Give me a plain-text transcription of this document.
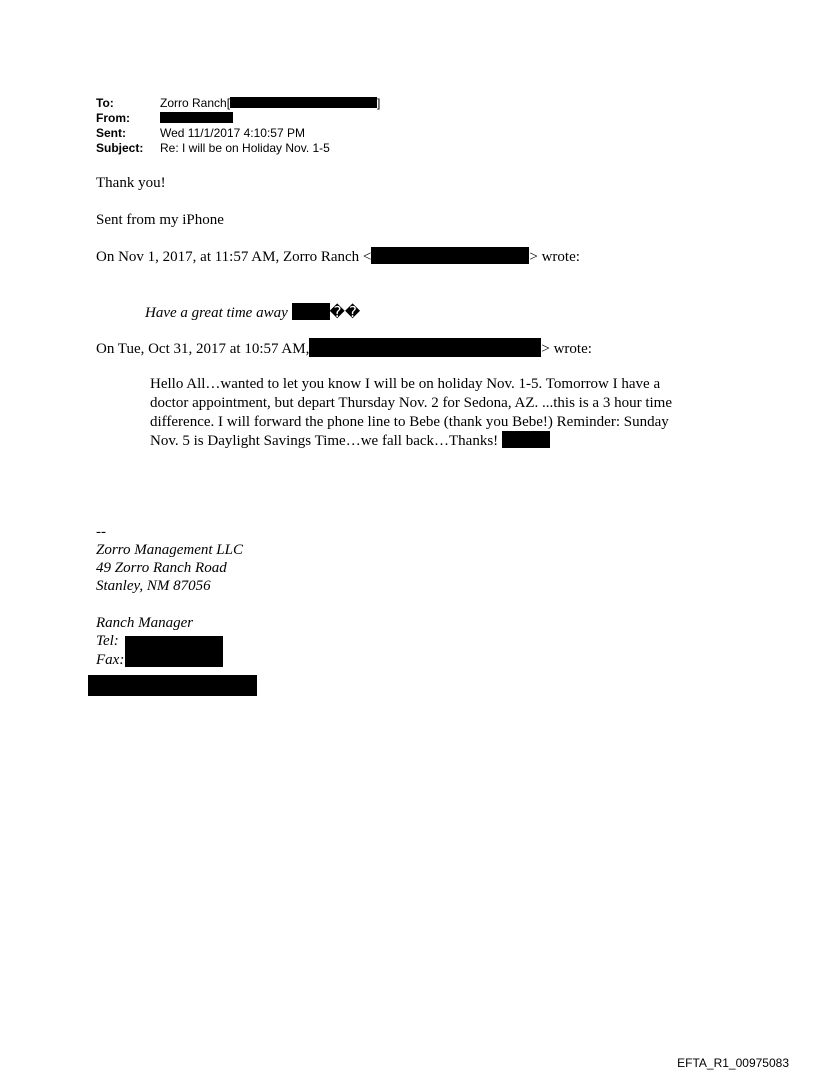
To:	Zorro Ranch[	]
From:
Sent:	Wed 11/1/2017 4:10:57 PM
Subject: Re: I will be on Holiday Nov. 1-5
Thank you!
Sent from my iPhone
On Nov 1, 2017, at 11:57 AM, Zorro Ranch <	> wrote:
Have a great time away	��
On Tue, Oct 31, 2017 at 10:57 AM,	> wrote:
Hello All…wanted to let you know I will be on holiday Nov. 1-5. Tomorrow I have a doctor appointment, but depart Thursday Nov. 2 for Sedona, AZ. ...this is a 3 hour time difference. I will forward the phone line to Bebe (thank you Bebe!) Reminder: Sunday Nov. 5 is Daylight Savings Time…we fall back…Thanks!
--
Zorro Management LLC
49 Zorro Ranch Road
Stanley, NM 87056
Ranch Manager
Tel:
Fax:
EFTA_R1_00975083
